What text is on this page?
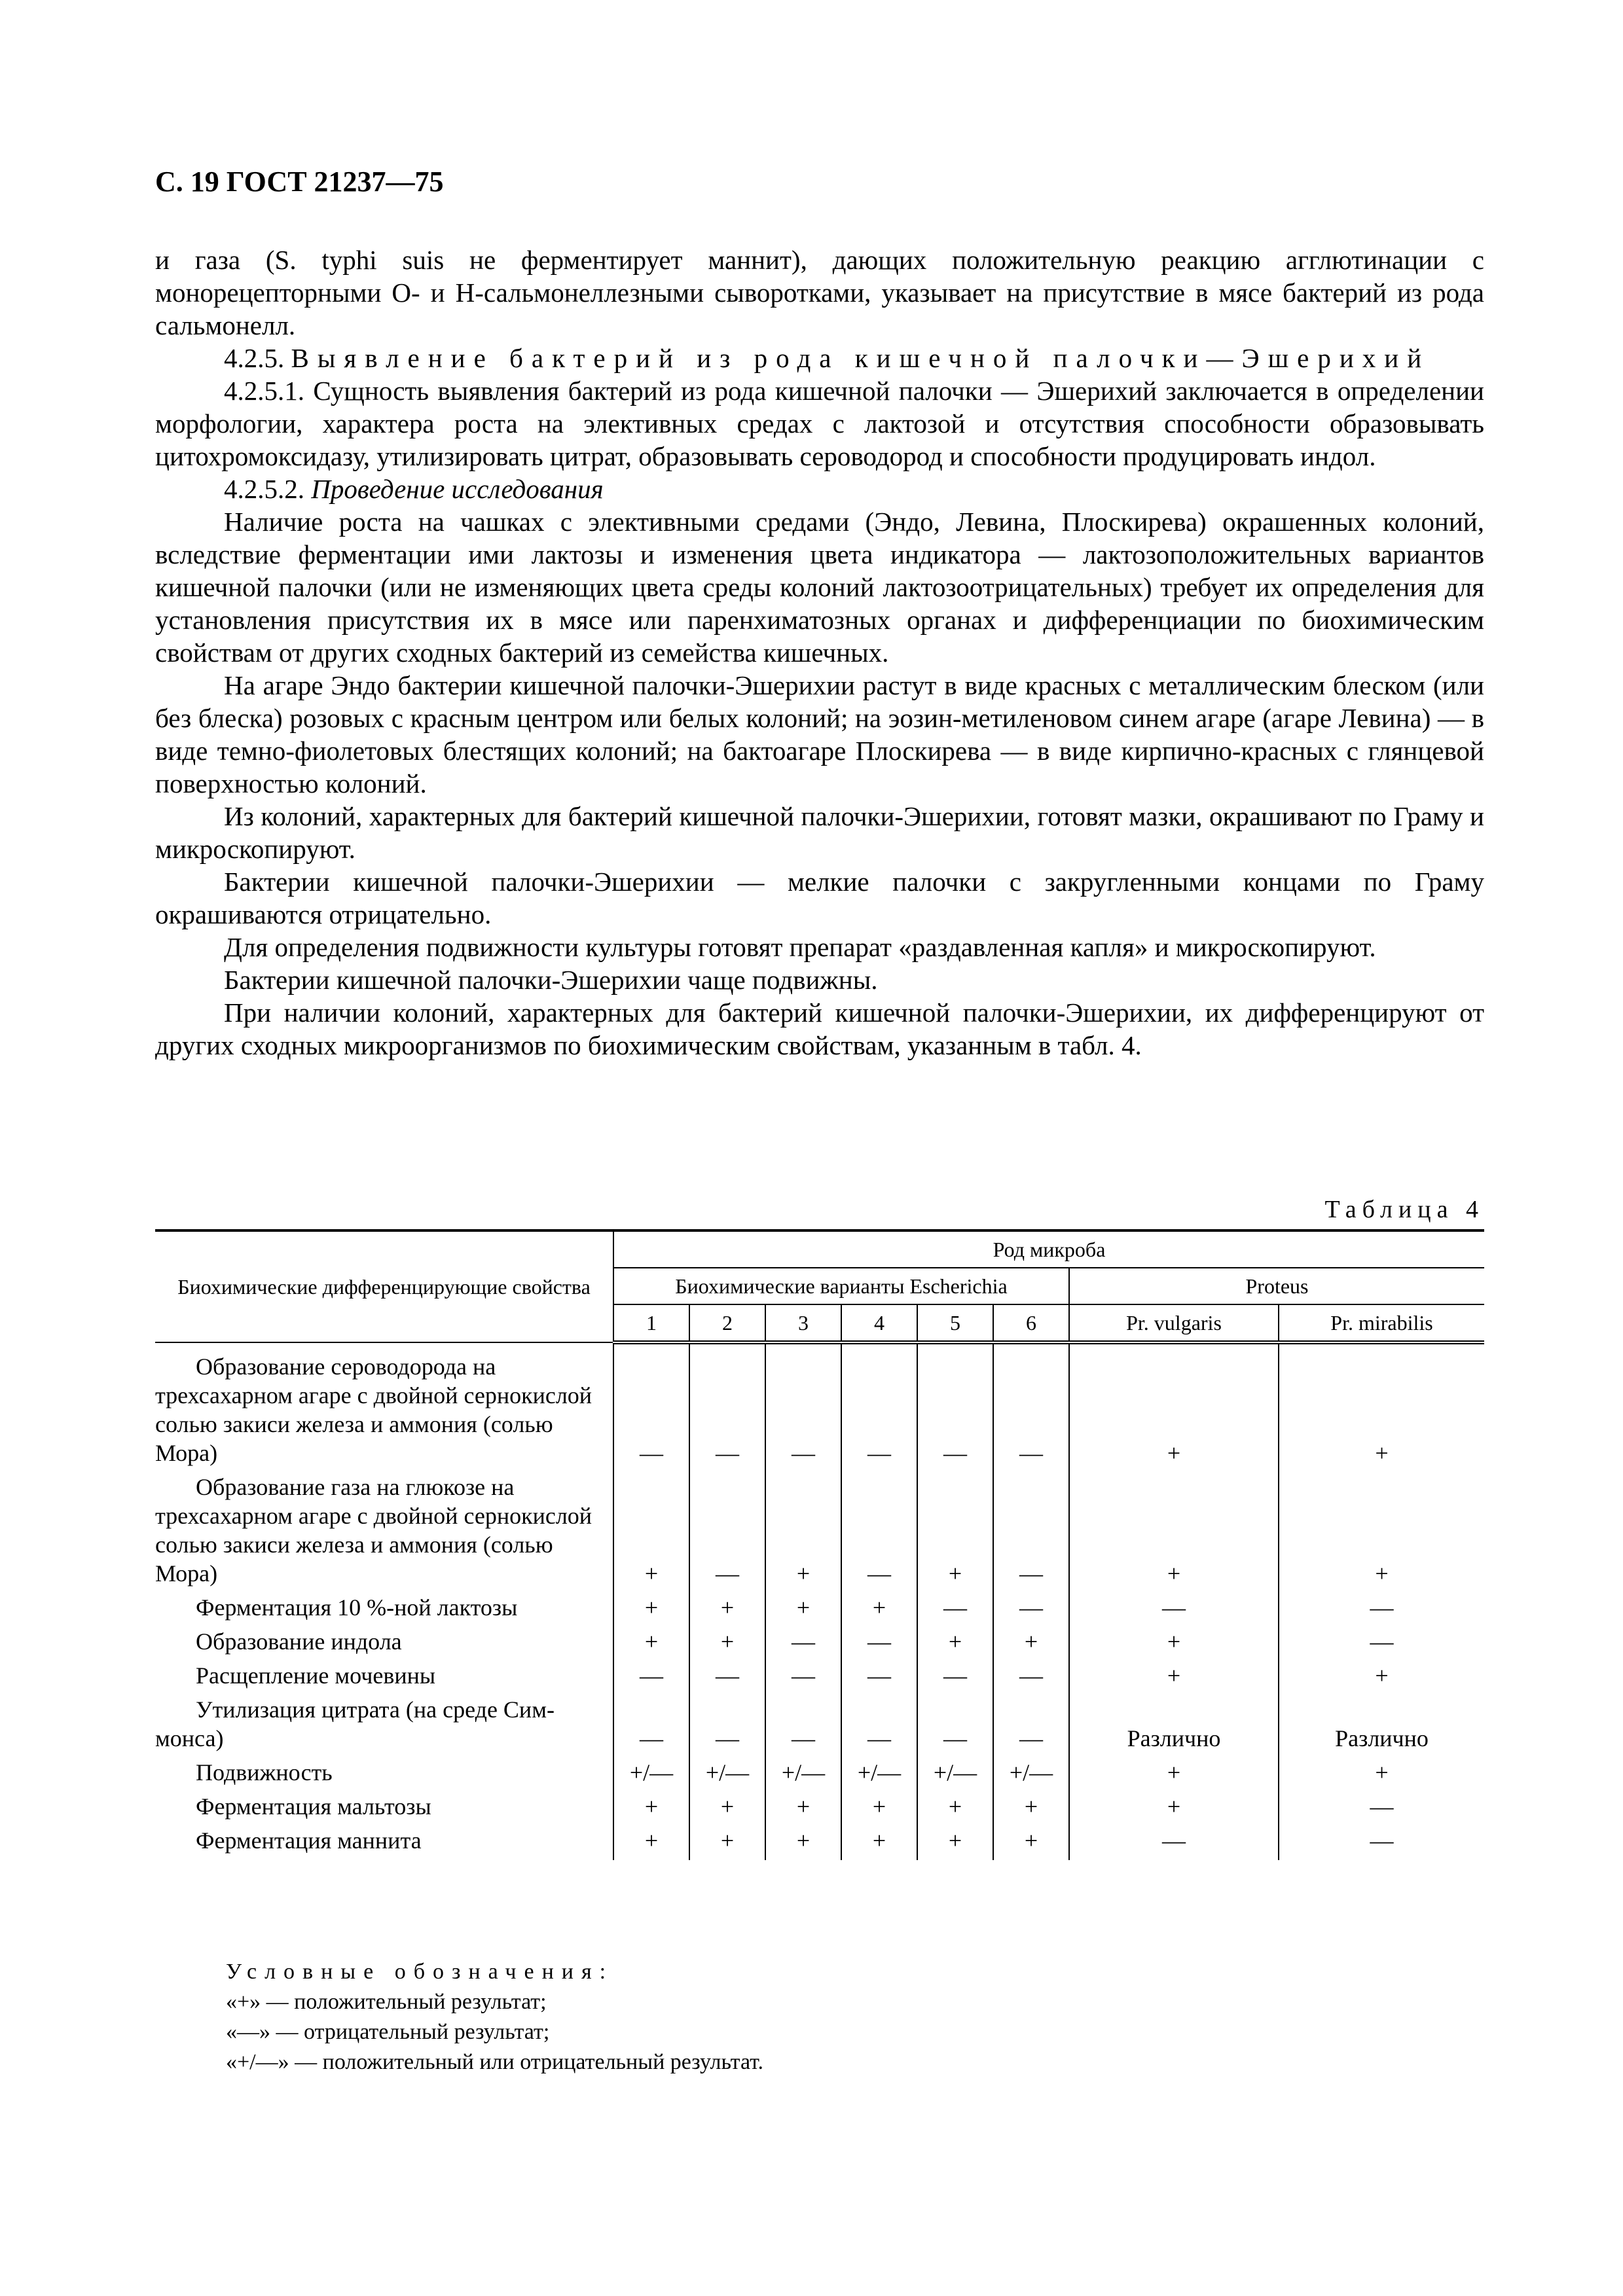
С. 19 ГОСТ 21237—75

и газа (S. typhi suis не ферментирует маннит), дающих положительную реакцию агглютинации с монорецепторными О- и Н-сальмонеллезными сыворотками, указывает на присутствие в мясе бактерий из рода сальмонелл.

4.2.5. Выявление бактерий из рода кишечной палочки—Эшерихий

4.2.5.1. Сущность выявления бактерий из рода кишечной палочки — Эшерихий заключается в определении морфологии, характера роста на элективных средах с лактозой и отсутствия способности образовывать цитохромоксидазу, утилизировать цитрат, образовывать сероводород и способности продуцировать индол.

4.2.5.2. Проведение исследования

Наличие роста на чашках с элективными средами (Эндо, Левина, Плоскирева) окрашенных колоний, вследствие ферментации ими лактозы и изменения цвета индикатора — лактозоположительных вариантов кишечной палочки (или не изменяющих цвета среды колоний лактозоотрицательных) требует их определения для установления присутствия их в мясе или паренхиматозных органах и дифференциации по биохимическим свойствам от других сходных бактерий из семейства кишечных.

На агаре Эндо бактерии кишечной палочки-Эшерихии растут в виде красных с металлическим блеском (или без блеска) розовых с красным центром или белых колоний; на эозин-метиленовом синем агаре (агаре Левина) — в виде темно-фиолетовых блестящих колоний; на бактоагаре Плоскирева — в виде кирпично-красных с глянцевой поверхностью колоний.

Из колоний, характерных для бактерий кишечной палочки-Эшерихии, готовят мазки, окрашивают по Граму и микроскопируют.

Бактерии кишечной палочки-Эшерихии — мелкие палочки с закругленными концами по Граму окрашиваются отрицательно.

Для определения подвижности культуры готовят препарат «раздавленная капля» и микроскопируют.

Бактерии кишечной палочки-Эшерихии чаще подвижны.

При наличии колоний, характерных для бактерий кишечной палочки-Эшерихии, их дифференцируют от других сходных микроорганизмов по биохимическим свойствам, указанным в табл. 4.

Таблица 4
Биохимические дифференцирующие свойства	Род микроба							
	Биохимические варианты Escherichia						Proteus	
	1	2	3	4	5	6	Pr. vulgaris	Pr. mirabilis
Образование сероводорода на трехсахарном агаре с двойной сернокислой солью закиси железа и аммония (солью Мора)	—	—	—	—	—	—	+	+
Образование газа на глюкозе на трехсахарном агаре с двойной сернокислой солью закиси железа и аммония (солью Мора)	+	—	+	—	+	—	+	+
Ферментация 10 %-ной лактозы	+	+	+	+	—	—	—	—
Образование индола	+	+	—	—	+	+	+	—
Расщепление мочевины	—	—	—	—	—	—	+	+
Утилизация цитрата (на среде Сим- монса)	—	—	—	—	—	—	Различно	Различно
Подвижность	+/—	+/—	+/—	+/—	+/—	+/—	+	+
Ферментация мальтозы	+	+	+	+	+	+	+	—
Ферментация маннита	+	+	+	+	+	+	—	—
Условные обозначения:
«+» — положительный результат;
«—» — отрицательный результат;
«+/—» — положительный или отрицательный результат.
